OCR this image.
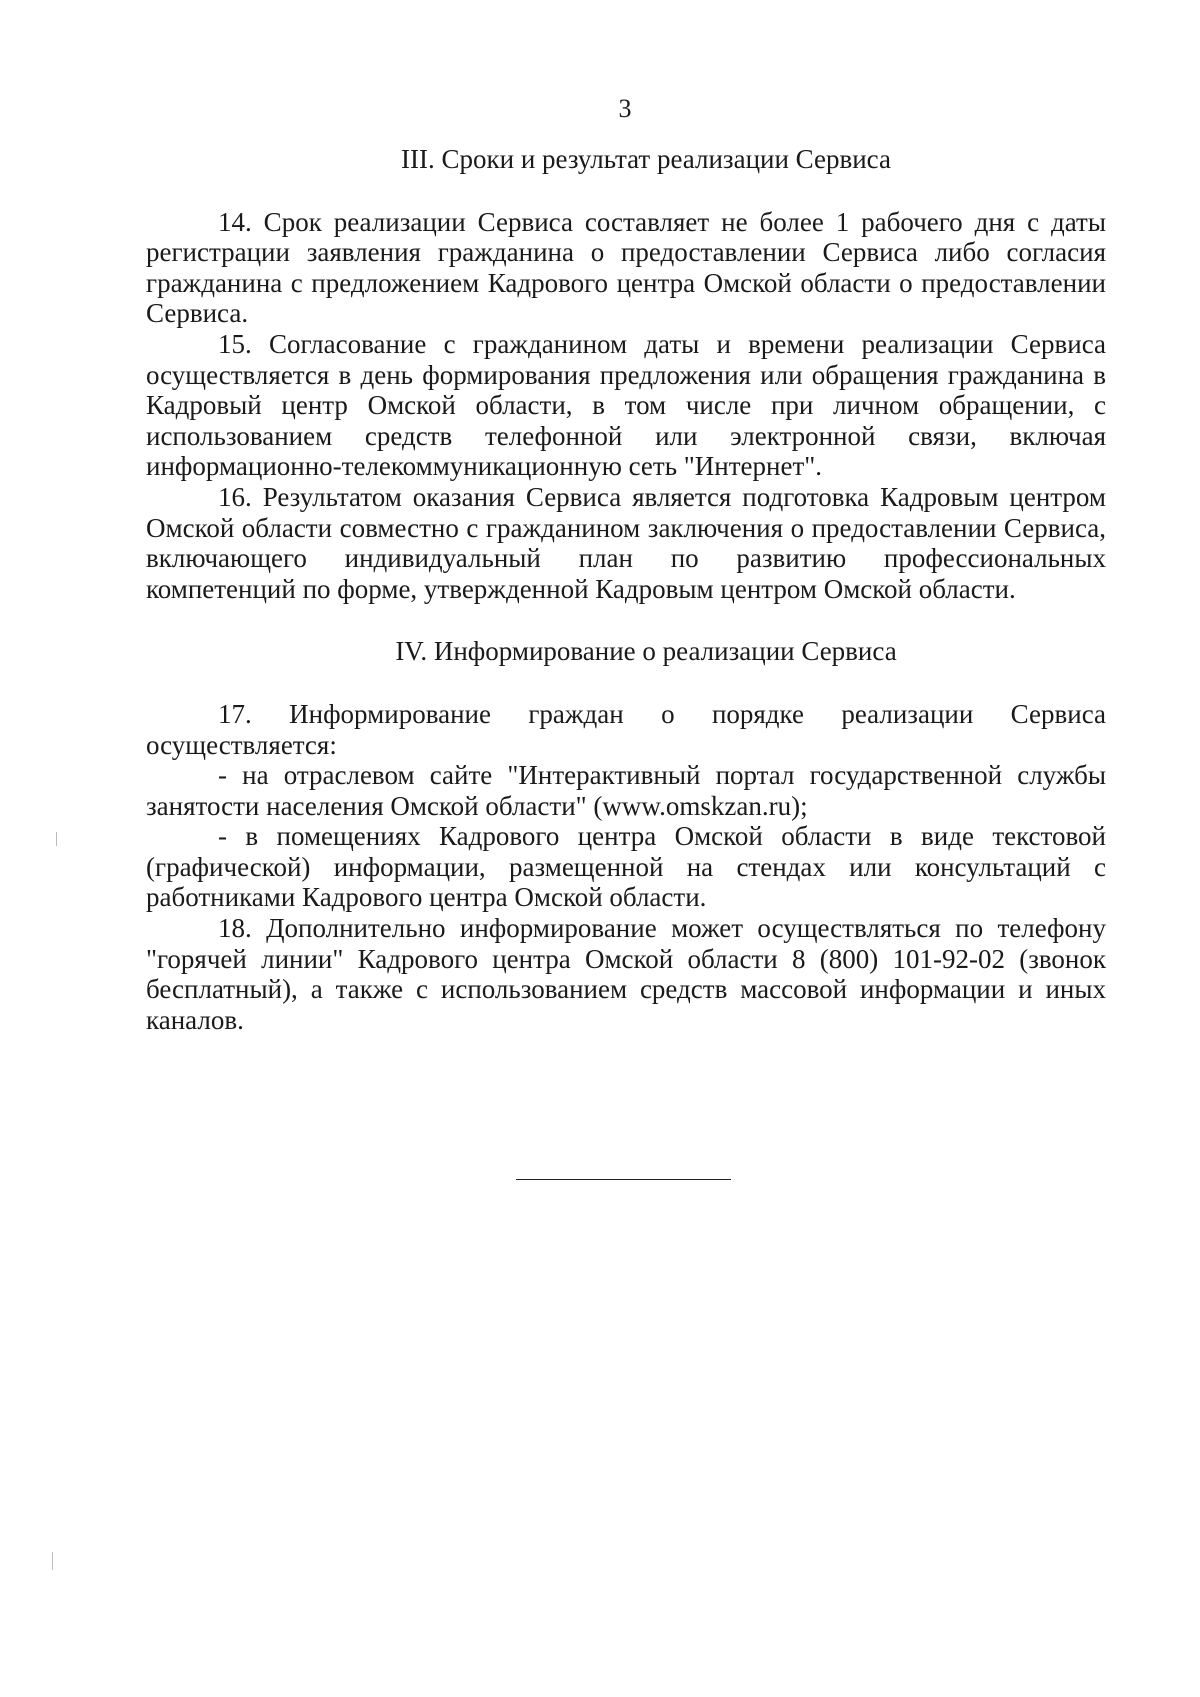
3
III. Сроки и результат реализации Сервиса

14. Срок реализации Сервиса составляет не более 1 рабочего дня с даты регистрации заявления гражданина о предоставлении Сервиса либо согласия гражданина с предложением Кадрового центра Омской области о предоставлении Сервиса.

15. Согласование с гражданином даты и времени реализации Сервиса осуществляется в день формирования предложения или обращения гражданина в Кадровый центр Омской области, в том числе при личном обращении, с использованием средств телефонной или электронной связи, включая информационно-телекоммуникационную сеть "Интернет".

16. Результатом оказания Сервиса является подготовка Кадровым центром Омской области совместно с гражданином заключения о предоставлении Сервиса, включающего индивидуальный план по развитию профессиональных компетенций по форме, утвержденной Кадровым центром Омской области.

IV. Информирование о реализации Сервиса

17. Информирование граждан о порядке реализации Сервиса осуществляется:

- на отраслевом сайте "Интерактивный портал государственной службы занятости населения Омской области" (www.omskzan.ru);

- в помещениях Кадрового центра Омской области в виде текстовой (графической) информации, размещенной на стендах или консультаций с работниками Кадрового центра Омской области.

18. Дополнительно информирование может осуществляться по телефону "горячей линии" Кадрового центра Омской области 8 (800) 101-92-02 (звонок бесплатный), а также с использованием средств массовой информации и иных каналов.
